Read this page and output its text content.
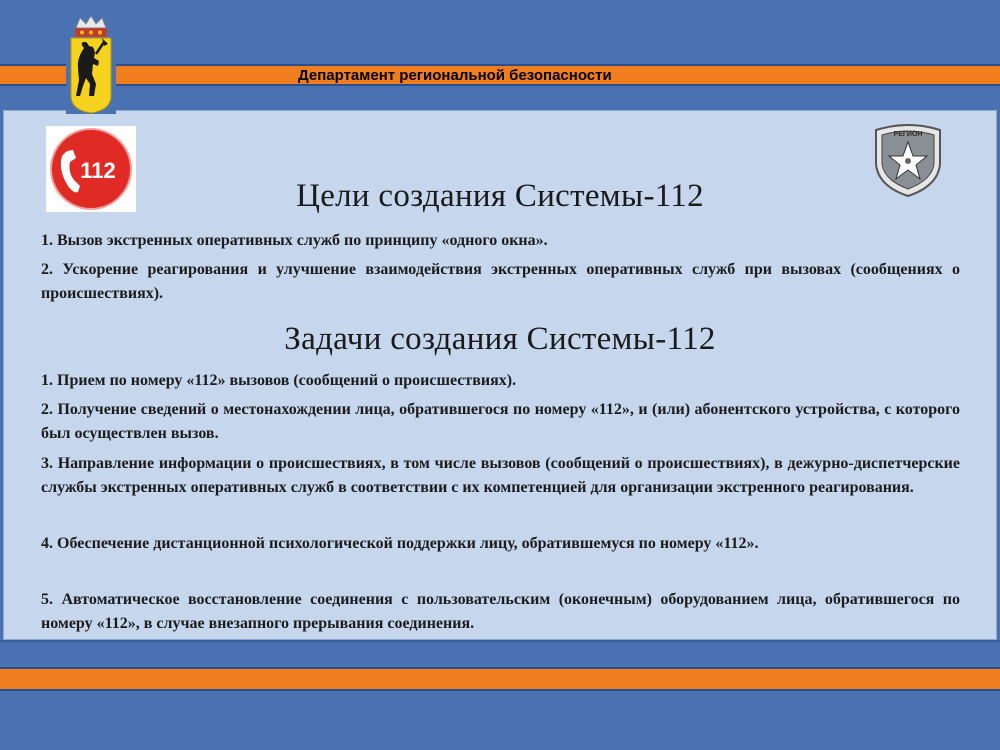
Департамент региональной безопасности
112
РЕГИОН
Цели создания Системы-112

1. Вызов экстренных оперативных служб по принципу «одного окна».

2. Ускорение реагирования и улучшение взаимодействия экстренных оперативных служб при вызовах (сообщениях о происшествиях).

Задачи создания Системы-112

1. Прием по номеру «112» вызовов (сообщений о происшествиях).

2. Получение сведений о местонахождении лица, обратившегося по номеру «112», и (или) абонентского устройства, с которого был осуществлен вызов.

3. Направление информации о происшествиях, в том числе вызовов (сообщений о происшествиях), в дежурно-диспетчерские службы экстренных оперативных служб в соответствии с их компетенцией для организации экстренного реагирования.

4. Обеспечение дистанционной психологической поддержки лицу, обратившемуся по номеру «112».

5. Автоматическое восстановление соединения с пользовательским (оконечным) оборудованием лица, обратившегося по номеру «112», в случае внезапного прерывания соединения.
